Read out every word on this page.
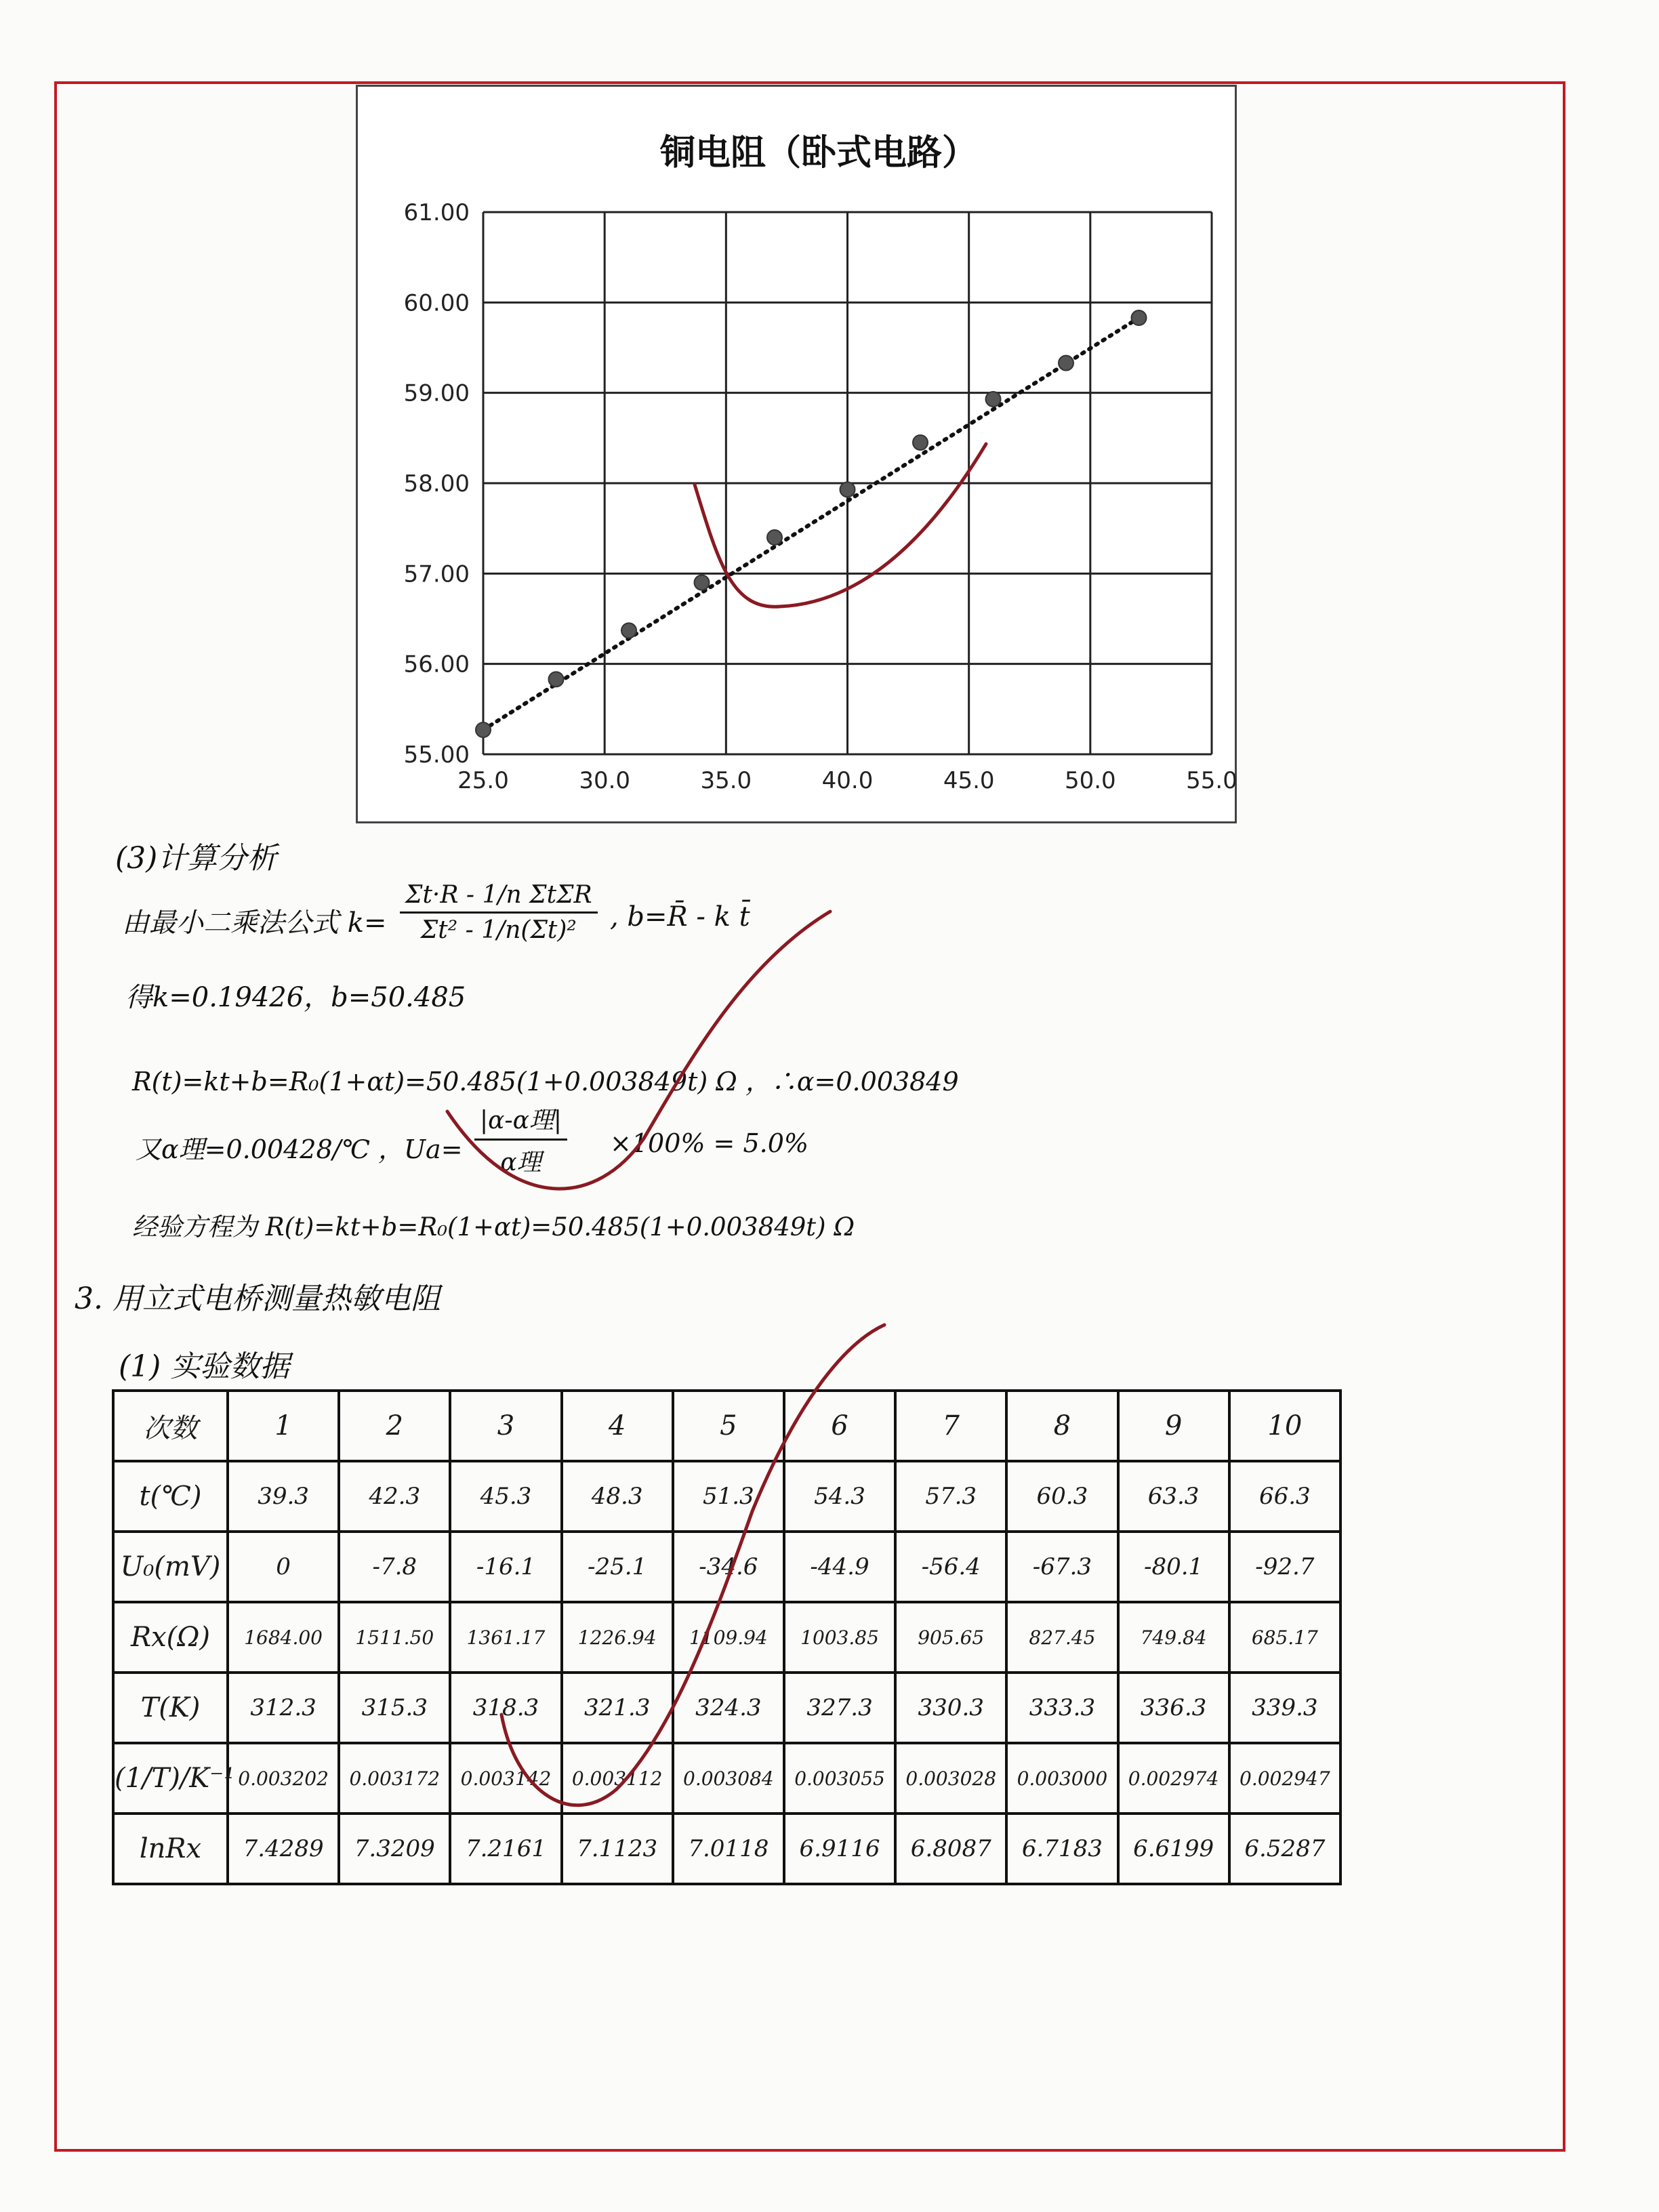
铜电阻（卧式电路）
25.0	30.0	35.0	40.0	45.0	50.0	55.0
55.00
56.00
57.00
58.00
59.00
60.00
61.00
(3)计算分析
由最小二乘法公式 k=
Σt·R - 1/n ΣtΣR
Σt² - 1/n(Σt)² , b=R̄ - k t̄
得k=0.19426，b=50.485
R(t)=kt+b=R₀(1+αt)=50.485(1+0.003849t) Ω ，∴α=0.003849
又α理=0.00428/℃ ，Ua=
|α-α理|
α理
×100% = 5.0%
经验方程为 R(t)=kt+b=R₀(1+αt)=50.485(1+0.003849t) Ω
3. 用立式电桥测量热敏电阻
(1) 实验数据
次数	1	2	3	4	5	6	7	8	9	10
t(℃)	39.3	42.3	45.3	48.3	51.3	54.3	57.3	60.3	63.3	66.3
U₀(mV)	0	-7.8	-16.1	-25.1	-34.6	-44.9	-56.4	-67.3	-80.1	-92.7
Rx(Ω)	1684.00	1511.50	1361.17	1226.94	1109.94	1003.85	905.65	827.45	749.84	685.17
T(K)	312.3	315.3	318.3	321.3	324.3	327.3	330.3	333.3	336.3	339.3
(1/T)/K⁻¹	0.003202	0.003172	0.003142	0.003112	0.003084	0.003055	0.003028	0.003000	0.002974	0.002947
lnRx	7.4289	7.3209	7.2161	7.1123	7.0118	6.9116	6.8087	6.7183	6.6199	6.5287
